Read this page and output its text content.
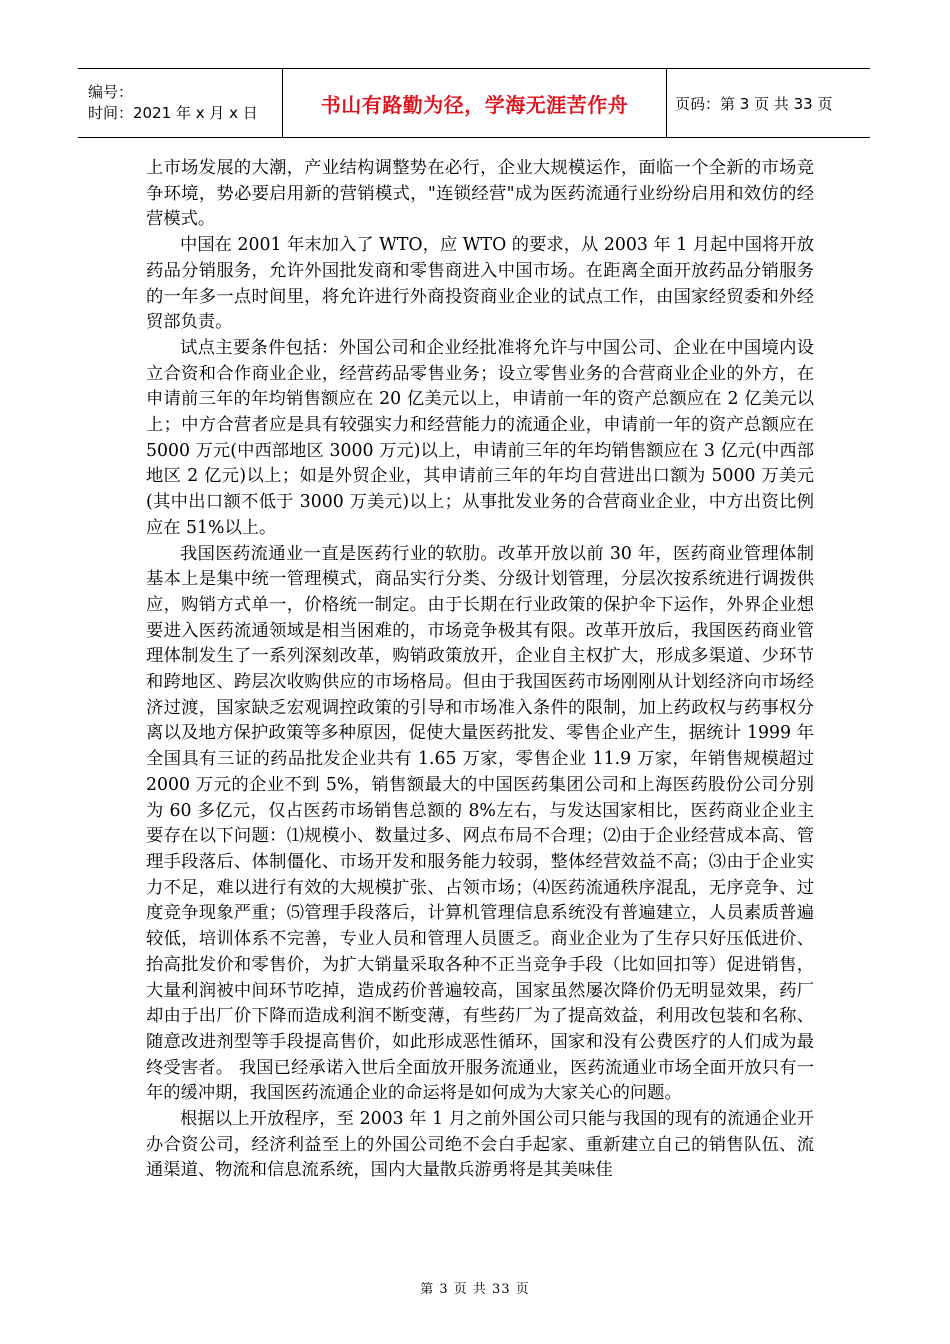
编号：
时间：2021 年 x 月 x 日	书山有路勤为径，学海无涯苦作舟	页码：第 3 页 共 33 页

上市场发展的大潮，产业结构调整势在必行，企业大规模运作，面临一个全新的市场竞争环境，势必要启用新的营销模式，"连锁经营"成为医药流通行业纷纷启用和效仿的经营模式。

中国在 2001 年末加入了 WTO，应 WTO 的要求，从 2003 年 1 月起中国将开放药品分销服务，允许外国批发商和零售商进入中国市场。在距离全面开放药品分销服务的一年多一点时间里，将允许进行外商投资商业企业的试点工作，由国家经贸委和外经贸部负责。

试点主要条件包括：外国公司和企业经批准将允许与中国公司、企业在中国境内设立合资和合作商业企业，经营药品零售业务；设立零售业务的合营商业企业的外方，在申请前三年的年均销售额应在 20 亿美元以上，申请前一年的资产总额应在 2 亿美元以上；中方合营者应是具有较强实力和经营能力的流通企业，申请前一年的资产总额应在 5000 万元(中西部地区 3000 万元)以上，申请前三年的年均销售额应在 3 亿元(中西部地区 2 亿元)以上；如是外贸企业，其申请前三年的年均自营进出口额为 5000 万美元(其中出口额不低于 3000 万美元)以上；从事批发业务的合营商业企业，中方出资比例应在 51%以上。

我国医药流通业一直是医药行业的软肋。改革开放以前 30 年，医药商业管理体制基本上是集中统一管理模式，商品实行分类、分级计划管理，分层次按系统进行调拨供应，购销方式单一，价格统一制定。由于长期在行业政策的保护伞下运作，外界企业想要进入医药流通领域是相当困难的，市场竞争极其有限。改革开放后，我国医药商业管理体制发生了一系列深刻改革，购销政策放开，企业自主权扩大，形成多渠道、少环节和跨地区、跨层次收购供应的市场格局。但由于我国医药市场刚刚从计划经济向市场经济过渡，国家缺乏宏观调控政策的引导和市场准入条件的限制，加上药政权与药事权分离以及地方保护政策等多种原因，促使大量医药批发、零售企业产生，据统计 1999 年全国具有三证的药品批发企业共有 1.65 万家，零售企业 11.9 万家，年销售规模超过 2000 万元的企业不到 5%，销售额最大的中国医药集团公司和上海医药股份公司分别为 60 多亿元，仅占医药市场销售总额的 8%左右，与发达国家相比，医药商业企业主要存在以下问题：⑴规模小、数量过多、网点布局不合理；⑵由于企业经营成本高、管理手段落后、体制僵化、市场开发和服务能力较弱，整体经营效益不高；⑶由于企业实力不足，难以进行有效的大规模扩张、占领市场；⑷医药流通秩序混乱，无序竞争、过度竞争现象严重；⑸管理手段落后，计算机管理信息系统没有普遍建立，人员素质普遍较低，培训体系不完善，专业人员和管理人员匮乏。商业企业为了生存只好压低进价、抬高批发价和零售价，为扩大销量采取各种不正当竞争手段（比如回扣等）促进销售，大量利润被中间环节吃掉，造成药价普遍较高，国家虽然屡次降价仍无明显效果，药厂却由于出厂价下降而造成利润不断变薄，有些药厂为了提高效益，利用改包装和名称、随意改进剂型等手段提高售价，如此形成恶性循环，国家和没有公费医疗的人们成为最终受害者。 我国已经承诺入世后全面放开服务流通业，医药流通业市场全面开放只有一年的缓冲期，我国医药流通企业的命运将是如何成为大家关心的问题。

根据以上开放程序，至 2003 年 1 月之前外国公司只能与我国的现有的流通企业开办合资公司，经济利益至上的外国公司绝不会白手起家、重新建立自己的销售队伍、流通渠道、物流和信息流系统，国内大量散兵游勇将是其美味佳

第 3 页 共 33 页
